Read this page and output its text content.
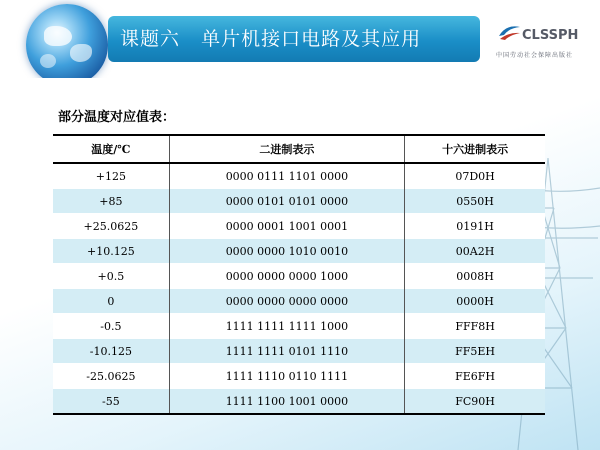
课题六   单片机接口电路及其应用	CLSSPH
中国劳动社会保障出版社
部分温度对应值表：
温度/℃	二进制表示	十六进制表示
+125	0000 0111 1101 0000	07D0H
+85	0000 0101 0101 0000	0550H
+25.0625	0000 0001 1001 0001	0191H
+10.125	0000 0000 1010 0010	00A2H
+0.5	0000 0000 0000 1000	0008H
0	0000 0000 0000 0000	0000H
-0.5	1111 1111 1111 1000	FFF8H
-10.125	1111 1111 0101 1110	FF5EH
-25.0625	1111 1110 0110 1111	FE6FH
-55	1111 1100 1001 0000	FC90H
